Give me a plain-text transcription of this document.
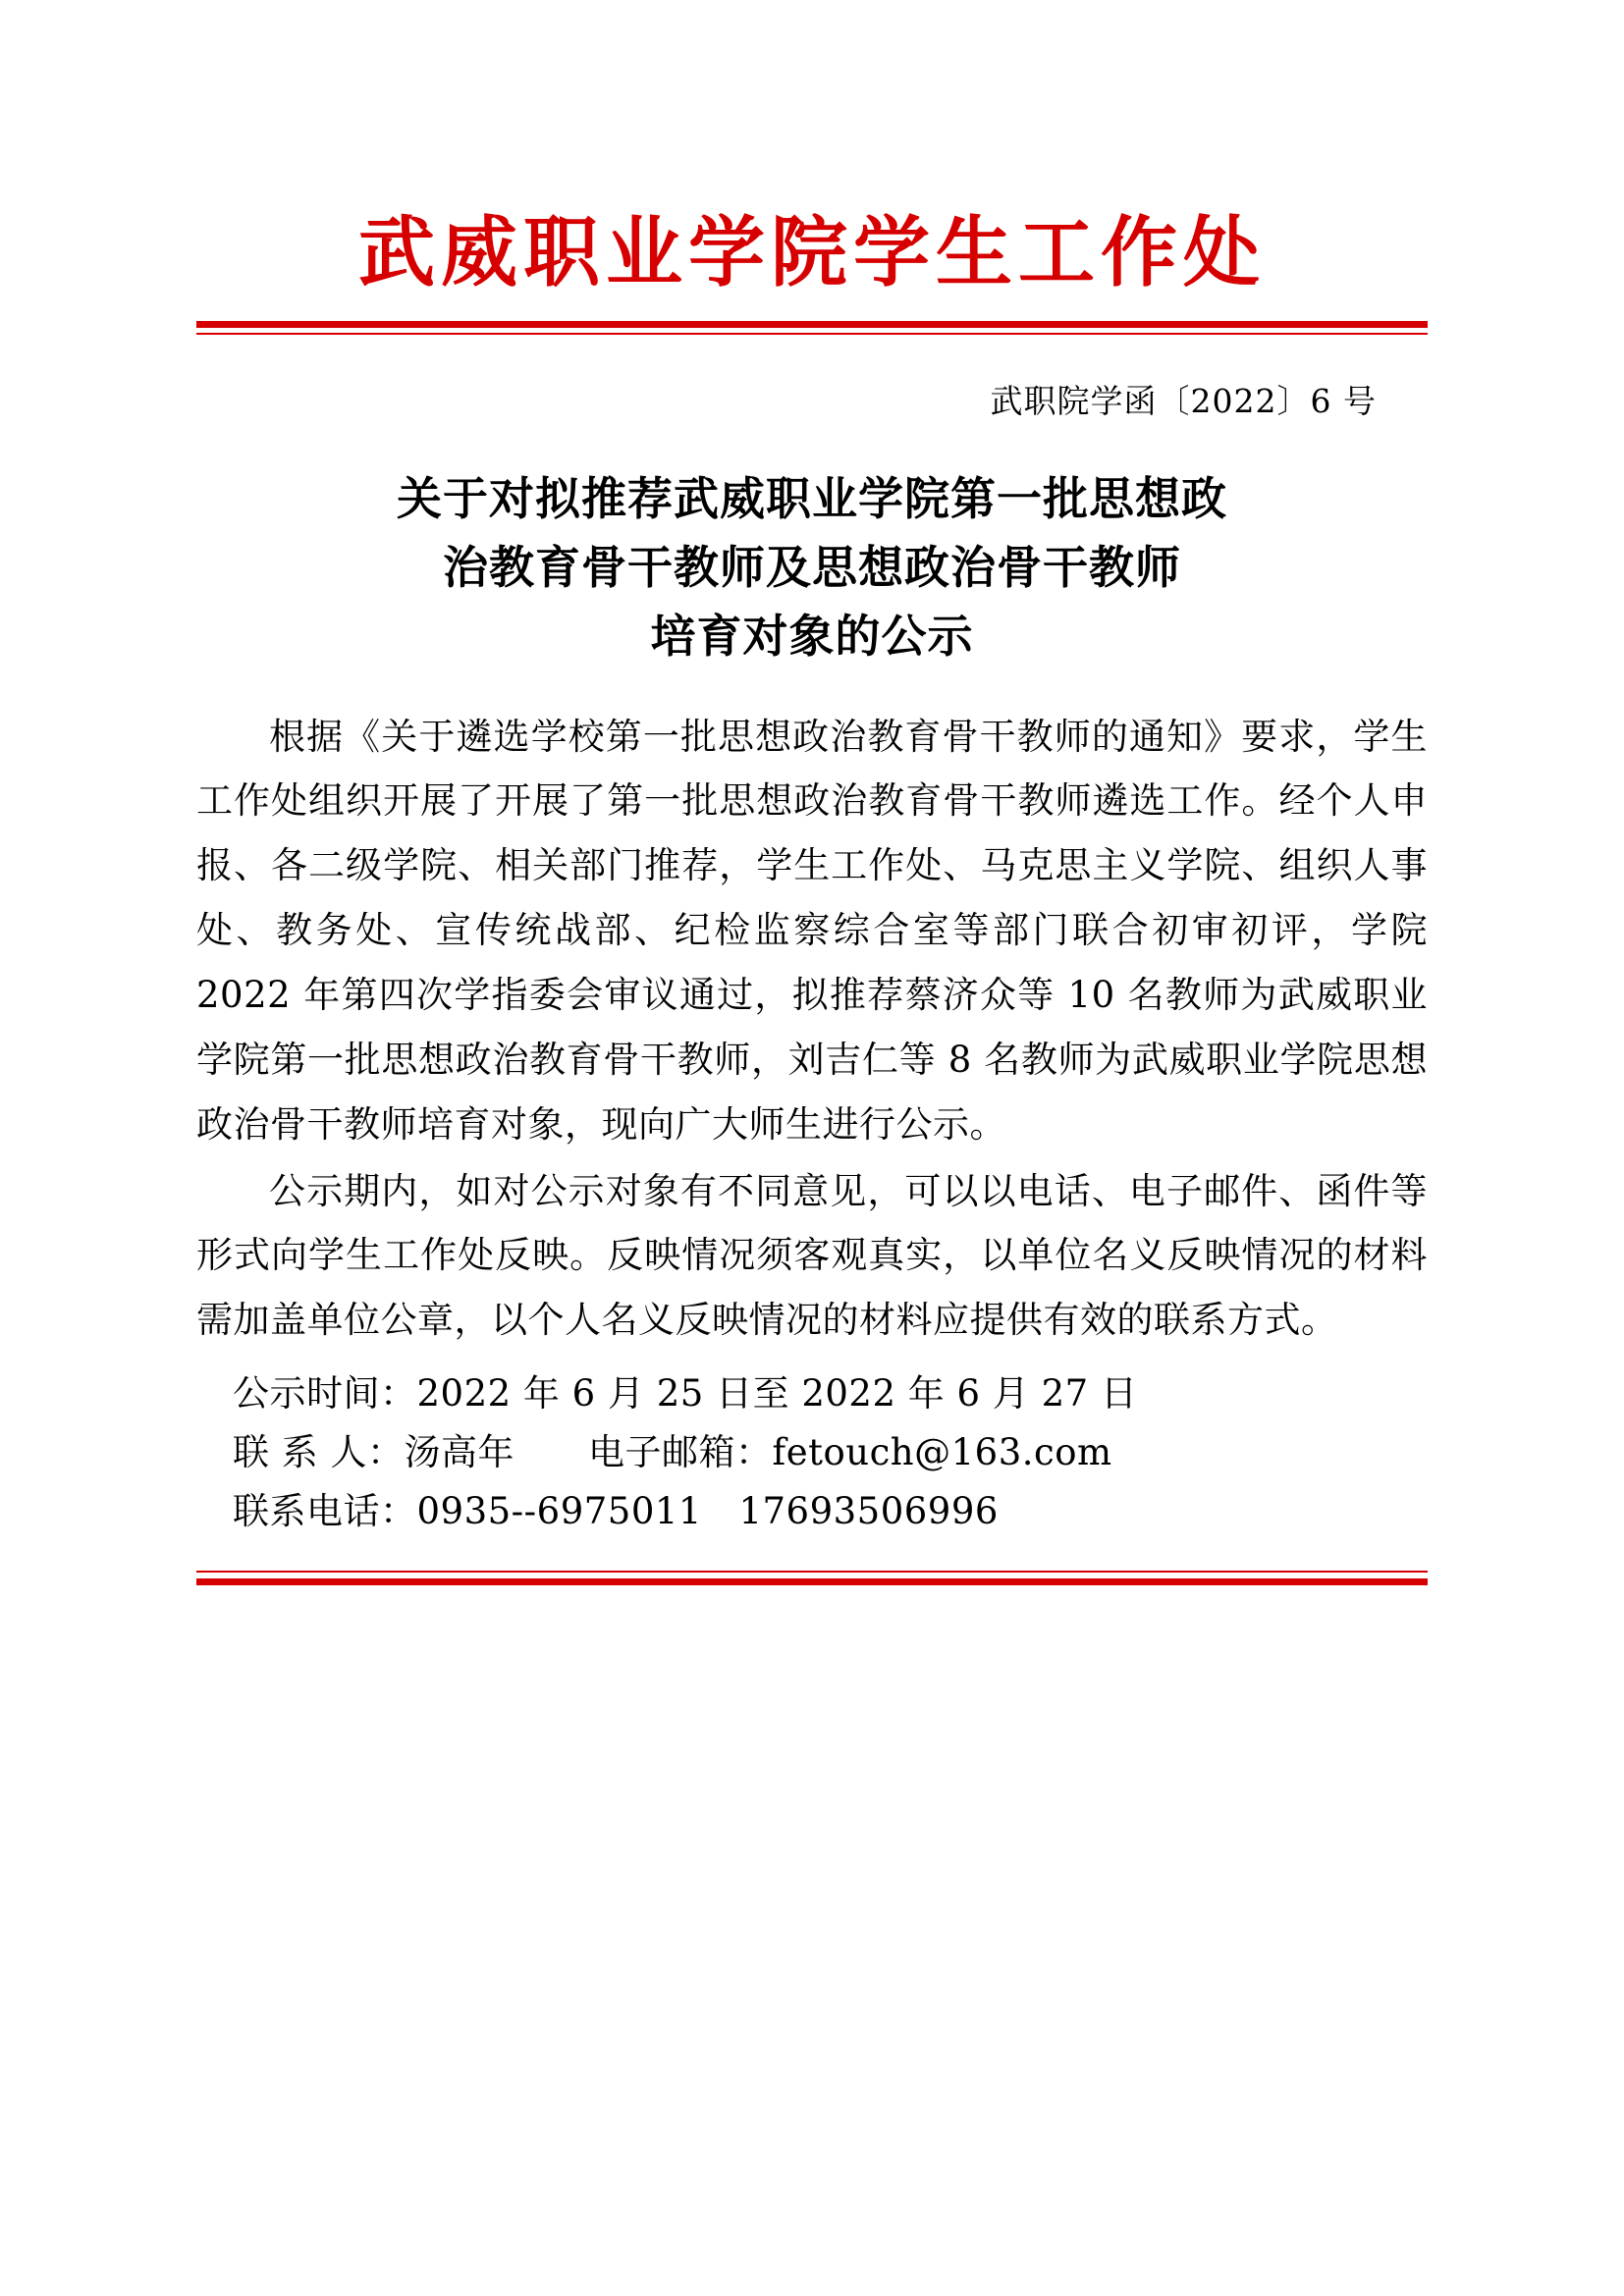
武威职业学院学生工作处
武职院学函〔2022〕6 号
关于对拟推荐武威职业学院第一批思想政
治教育骨干教师及思想政治骨干教师
培育对象的公示

根据《关于遴选学校第一批思想政治教育骨干教师的通知》要求，学生工作处组织开展了开展了第一批思想政治教育骨干教师遴选工作。经个人申报、各二级学院、相关部门推荐，学生工作处、马克思主义学院、组织人事处、教务处、宣传统战部、纪检监察综合室等部门联合初审初评，学院 2022 年第四次学指委会审议通过，拟推荐蔡济众等 10 名教师为武威职业学院第一批思想政治教育骨干教师，刘吉仁等 8 名教师为武威职业学院思想政治骨干教师培育对象，现向广大师生进行公示。

公示期内，如对公示对象有不同意见，可以以电话、电子邮件、函件等形式向学生工作处反映。反映情况须客观真实，以单位名义反映情况的材料需加盖单位公章，以个人名义反映情况的材料应提供有效的联系方式。

公示时间：2022 年 6 月 25 日至 2022 年 6 月 27 日
联 系 人：汤高年　　电子邮箱：fetouch@163.com
联系电话：0935--6975011　17693506996
